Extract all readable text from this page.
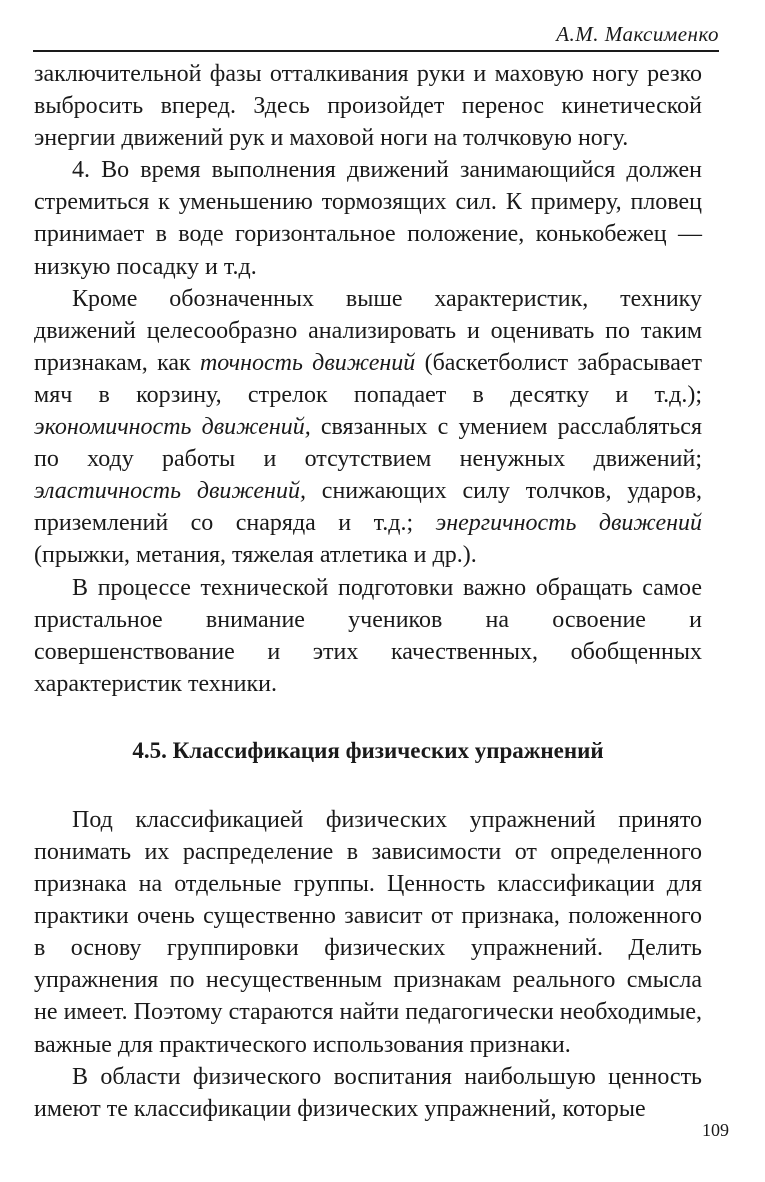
А.М. Максименко

заключительной фазы отталкивания руки и маховую ногу резко выбросить вперед. Здесь произойдет перенос кинетической энергии движений рук и маховой ноги на толчковую ногу.

4. Во время выполнения движений занимающийся должен стремиться к уменьшению тормозящих сил. К примеру, пловец принимает в воде горизонтальное положение, конькобежец — низкую посадку и т.д.

Кроме обозначенных выше характеристик, технику движений целесообразно анализировать и оценивать по таким признакам, как точность движений (баскетболист забрасывает мяч в корзину, стрелок попадает в десятку и т.д.); экономичность движений, связанных с умением расслабляться по ходу работы и отсутствием ненужных движений; эластичность движений, снижающих силу толчков, ударов, приземлений со снаряда и т.д.; энергичность движений (прыжки, метания, тяжелая атлетика и др.).

В процессе технической подготовки важно обращать самое пристальное внимание учеников на освоение и совершенствование и этих качественных, обобщенных характеристик техники.

4.5. Классификация физических упражнений

Под классификацией физических упражнений принято понимать их распределение в зависимости от определенного признака на отдельные группы. Ценность классификации для практики очень существенно зависит от признака, положенного в основу группировки физических упражнений. Делить упражнения по несущественным признакам реального смысла не имеет. Поэтому стараются найти педагогически необходимые, важные для практического использования признаки.

В области физического воспитания наибольшую ценность имеют те классификации физических упражнений, которые

109
